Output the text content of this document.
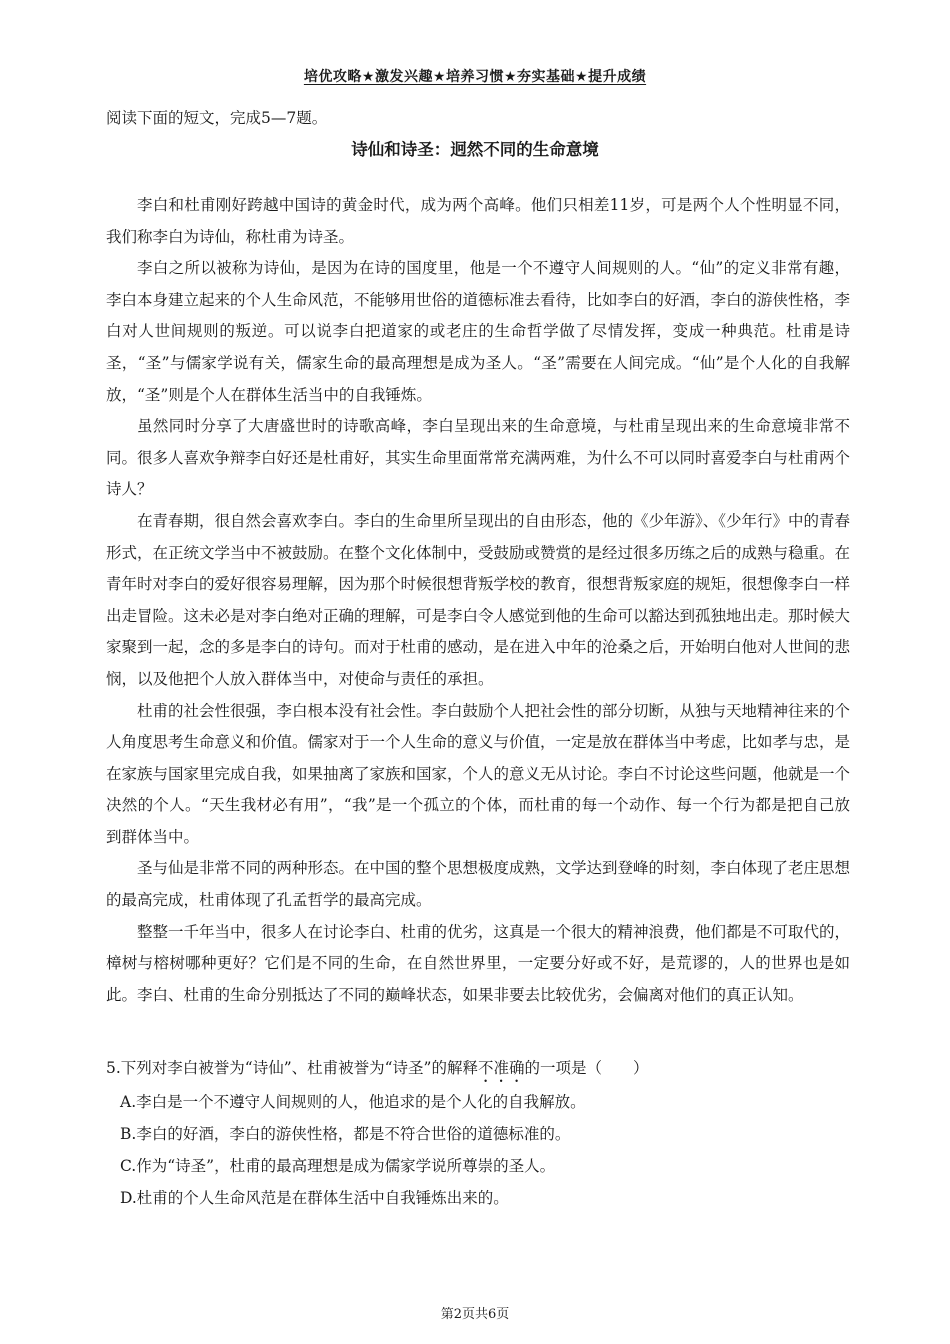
培优攻略★激发兴趣★培养习惯★夯实基础★提升成绩
阅读下面的短文，完成5—7题。
诗仙和诗圣：迥然不同的生命意境

李白和杜甫刚好跨越中国诗的黄金时代，成为两个高峰。他们只相差11岁，可是两个人个性明显不同，我们称李白为诗仙，称杜甫为诗圣。

李白之所以被称为诗仙，是因为在诗的国度里，他是一个不遵守人间规则的人。“仙”的定义非常有趣，李白本身建立起来的个人生命风范，不能够用世俗的道德标准去看待，比如李白的好酒，李白的游侠性格，李白对人世间规则的叛逆。可以说李白把道家的或老庄的生命哲学做了尽情发挥，变成一种典范。杜甫是诗圣，“圣”与儒家学说有关，儒家生命的最高理想是成为圣人。“圣”需要在人间完成。“仙”是个人化的自我解放，“圣”则是个人在群体生活当中的自我锤炼。

虽然同时分享了大唐盛世时的诗歌高峰，李白呈现出来的生命意境，与杜甫呈现出来的生命意境非常不同。很多人喜欢争辩李白好还是杜甫好，其实生命里面常常充满两难，为什么不可以同时喜爱李白与杜甫两个诗人？

在青春期，很自然会喜欢李白。李白的生命里所呈现出的自由形态，他的《少年游》、《少年行》中的青春形式，在正统文学当中不被鼓励。在整个文化体制中，受鼓励或赞赏的是经过很多历练之后的成熟与稳重。在青年时对李白的爱好很容易理解，因为那个时候很想背叛学校的教育，很想背叛家庭的规矩，很想像李白一样出走冒险。这未必是对李白绝对正确的理解，可是李白令人感觉到他的生命可以豁达到孤独地出走。那时候大家聚到一起，念的多是李白的诗句。而对于杜甫的感动，是在进入中年的沧桑之后，开始明白他对人世间的悲悯，以及他把个人放入群体当中，对使命与责任的承担。

杜甫的社会性很强，李白根本没有社会性。李白鼓励个人把社会性的部分切断，从独与天地精神往来的个人角度思考生命意义和价值。儒家对于一个人生命的意义与价值，一定是放在群体当中考虑，比如孝与忠，是在家族与国家里完成自我，如果抽离了家族和国家，个人的意义无从讨论。李白不讨论这些问题，他就是一个决然的个人。“天生我材必有用”，“我”是一个孤立的个体，而杜甫的每一个动作、每一个行为都是把自己放到群体当中。

圣与仙是非常不同的两种形态。在中国的整个思想极度成熟，文学达到登峰的时刻，李白体现了老庄思想的最高完成，杜甫体现了孔孟哲学的最高完成。

整整一千年当中，很多人在讨论李白、杜甫的优劣，这真是一个很大的精神浪费，他们都是不可取代的，樟树与榕树哪种更好？它们是不同的生命，在自然世界里，一定要分好或不好，是荒谬的，人的世界也是如此。李白、杜甫的生命分别抵达了不同的巅峰状态，如果非要去比较优劣，会偏离对他们的真正认知。

5.下列对李白被誉为“诗仙”、杜甫被誉为“诗圣”的解释不准确的一项是（　　）

A.李白是一个不遵守人间规则的人，他追求的是个人化的自我解放。

B.李白的好酒，李白的游侠性格，都是不符合世俗的道德标准的。

C.作为“诗圣”，杜甫的最高理想是成为儒家学说所尊崇的圣人。

D.杜甫的个人生命风范是在群体生活中自我锤炼出来的。

第2页共6页
